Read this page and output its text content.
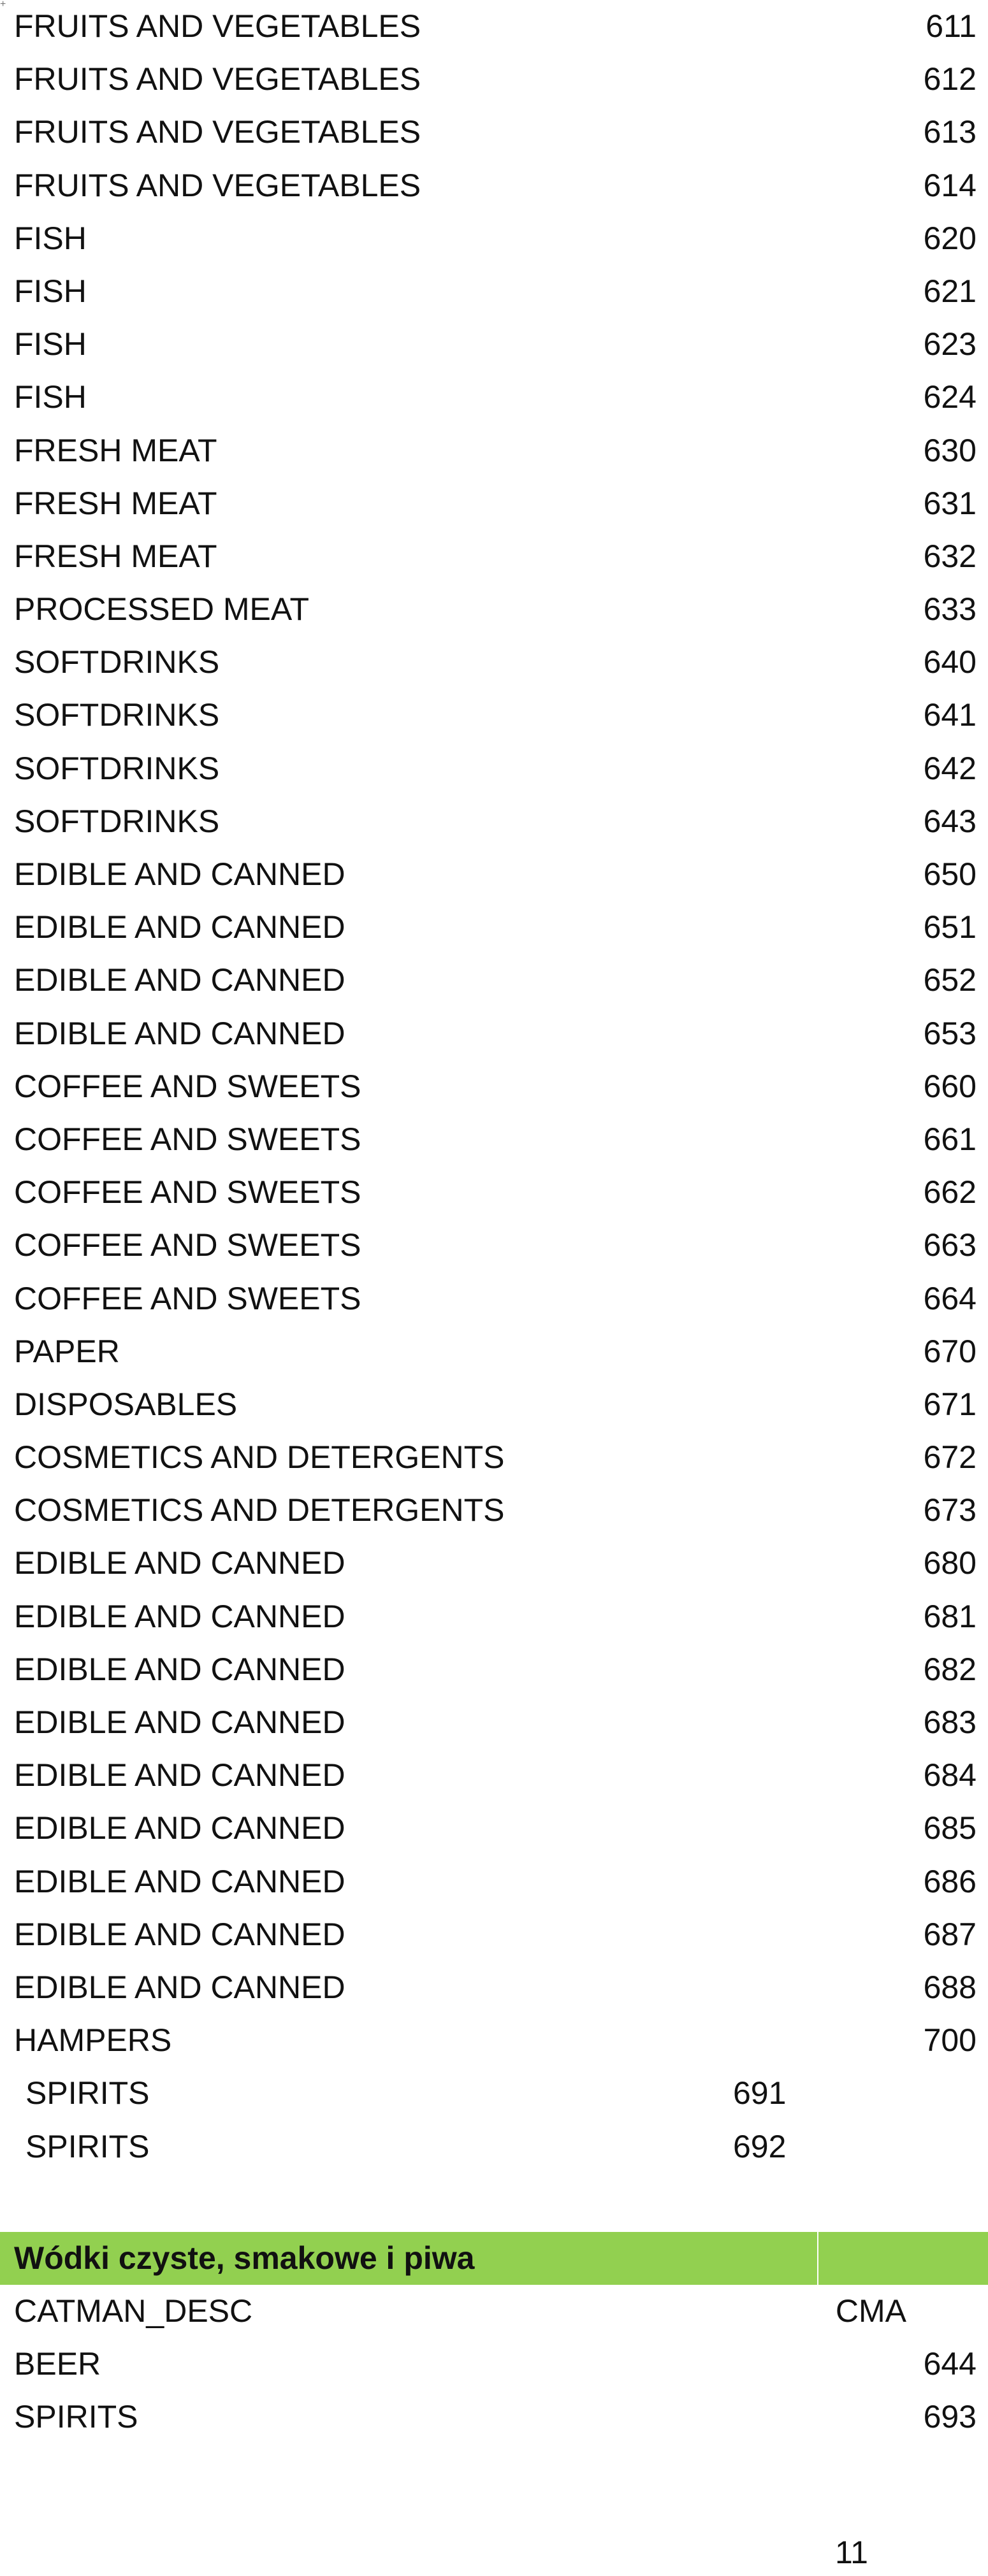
+
FRUITS AND VEGETABLES	611
FRUITS AND VEGETABLES	612
FRUITS AND VEGETABLES	613
FRUITS AND VEGETABLES	614
FISH	620
FISH	621
FISH	623
FISH	624
FRESH MEAT	630
FRESH MEAT	631
FRESH MEAT	632
PROCESSED MEAT	633
SOFTDRINKS	640
SOFTDRINKS	641
SOFTDRINKS	642
SOFTDRINKS	643
EDIBLE AND CANNED	650
EDIBLE AND CANNED	651
EDIBLE AND CANNED	652
EDIBLE AND CANNED	653
COFFEE AND SWEETS	660
COFFEE AND SWEETS	661
COFFEE AND SWEETS	662
COFFEE AND SWEETS	663
COFFEE AND SWEETS	664
PAPER	670
DISPOSABLES	671
COSMETICS AND DETERGENTS	672
COSMETICS AND DETERGENTS	673
EDIBLE AND CANNED	680
EDIBLE AND CANNED	681
EDIBLE AND CANNED	682
EDIBLE AND CANNED	683
EDIBLE AND CANNED	684
EDIBLE AND CANNED	685
EDIBLE AND CANNED	686
EDIBLE AND CANNED	687
EDIBLE AND CANNED	688
HAMPERS	700
SPIRITS	691
SPIRITS	692
Wódki czyste, smakowe i piwa
CATMAN_DESC	CMA
BEER	644
SPIRITS	693
11
